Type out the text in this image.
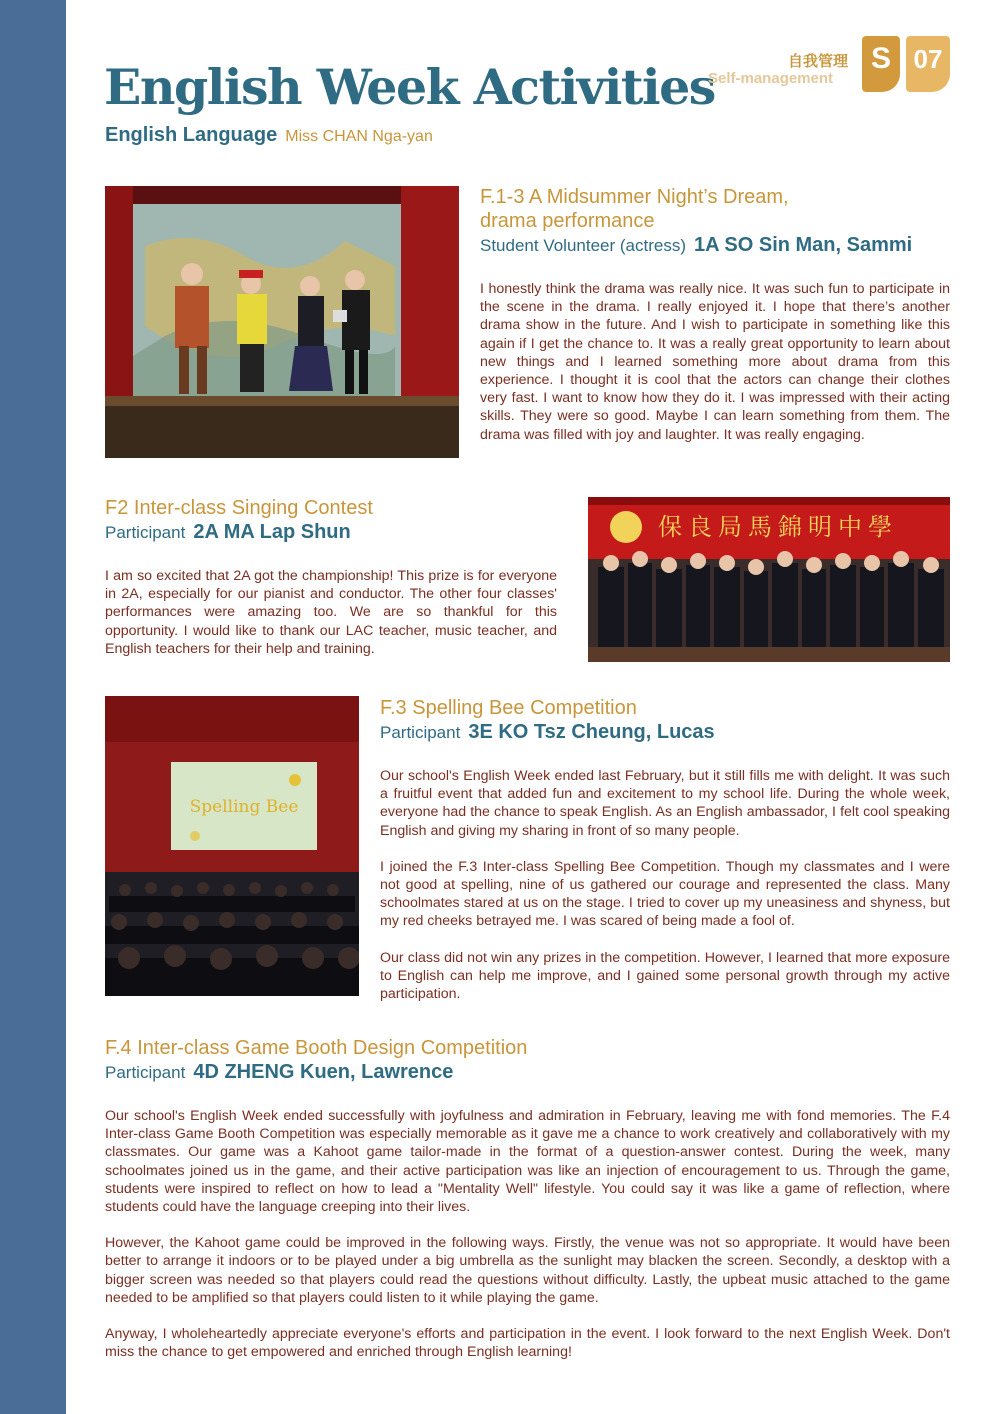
English Week Activities
English Language Miss CHAN Nga-yan
自我管理
Self-management
S 07
F.1-3 A Midsummer Night’s Dream,
drama performance
Student Volunteer (actress) 1A SO Sin Man, Sammi

I honestly think the drama was really nice. It was such fun to participate in the scene in the drama. I really enjoyed it. I hope that there’s another drama show in the future. And I wish to participate in something like this again if I get the chance to. It was a really great opportunity to learn about new things and I learned something more about drama from this experience. I thought it is cool that the actors can change their clothes very fast. I want to know how they do it. I was impressed with their acting skills. They were so good. Maybe I can learn something from them. The drama was filled with joy and laughter. It was really engaging.

F2 Inter-class Singing Contest
Participant 2A MA Lap Shun

I am so excited that 2A got the championship! This prize is for everyone in 2A, especially for our pianist and conductor. The other four classes' performances were amazing too. We are so thankful for this opportunity. I would like to thank our LAC teacher, music teacher, and English teachers for their help and training.

保良局馬錦明中學
Spelling Bee
F.3 Spelling Bee Competition
Participant 3E KO Tsz Cheung, Lucas

Our school's English Week ended last February, but it still fills me with delight. It was such a fruitful event that added fun and excitement to my school life. During the whole week, everyone had the chance to speak English. As an English ambassador, I felt cool speaking English and giving my sharing in front of so many people.

I joined the F.3 Inter-class Spelling Bee Competition. Though my classmates and I were not good at spelling, nine of us gathered our courage and represented the class. Many schoolmates stared at us on the stage. I tried to cover up my uneasiness and shyness, but my red cheeks betrayed me. I was scared of being made a fool of.

Our class did not win any prizes in the competition. However, I learned that more exposure to English can help me improve, and I gained some personal growth through my active participation.

F.4 Inter-class Game Booth Design Competition
Participant 4D ZHENG Kuen, Lawrence

Our school's English Week ended successfully with joyfulness and admiration in February, leaving me with fond memories. The F.4 Inter-class Game Booth Competition was especially memorable as it gave me a chance to work creatively and collaboratively with my classmates. Our game was a Kahoot game tailor-made in the format of a question-answer contest. During the week, many schoolmates joined us in the game, and their active participation was like an injection of encouragement to us. Through the game, students were inspired to reflect on how to lead a "Mentality Well" lifestyle. You could say it was like a game of reflection, where students could have the language creeping into their lives.

However, the Kahoot game could be improved in the following ways. Firstly, the venue was not so appropriate. It would have been better to arrange it indoors or to be played under a big umbrella as the sunlight may blacken the screen. Secondly, a desktop with a bigger screen was needed so that players could read the questions without difficulty. Lastly, the upbeat music attached to the game needed to be amplified so that players could listen to it while playing the game.

Anyway, I wholeheartedly appreciate everyone's efforts and participation in the event. I look forward to the next English Week. Don't miss the chance to get empowered and enriched through English learning!
